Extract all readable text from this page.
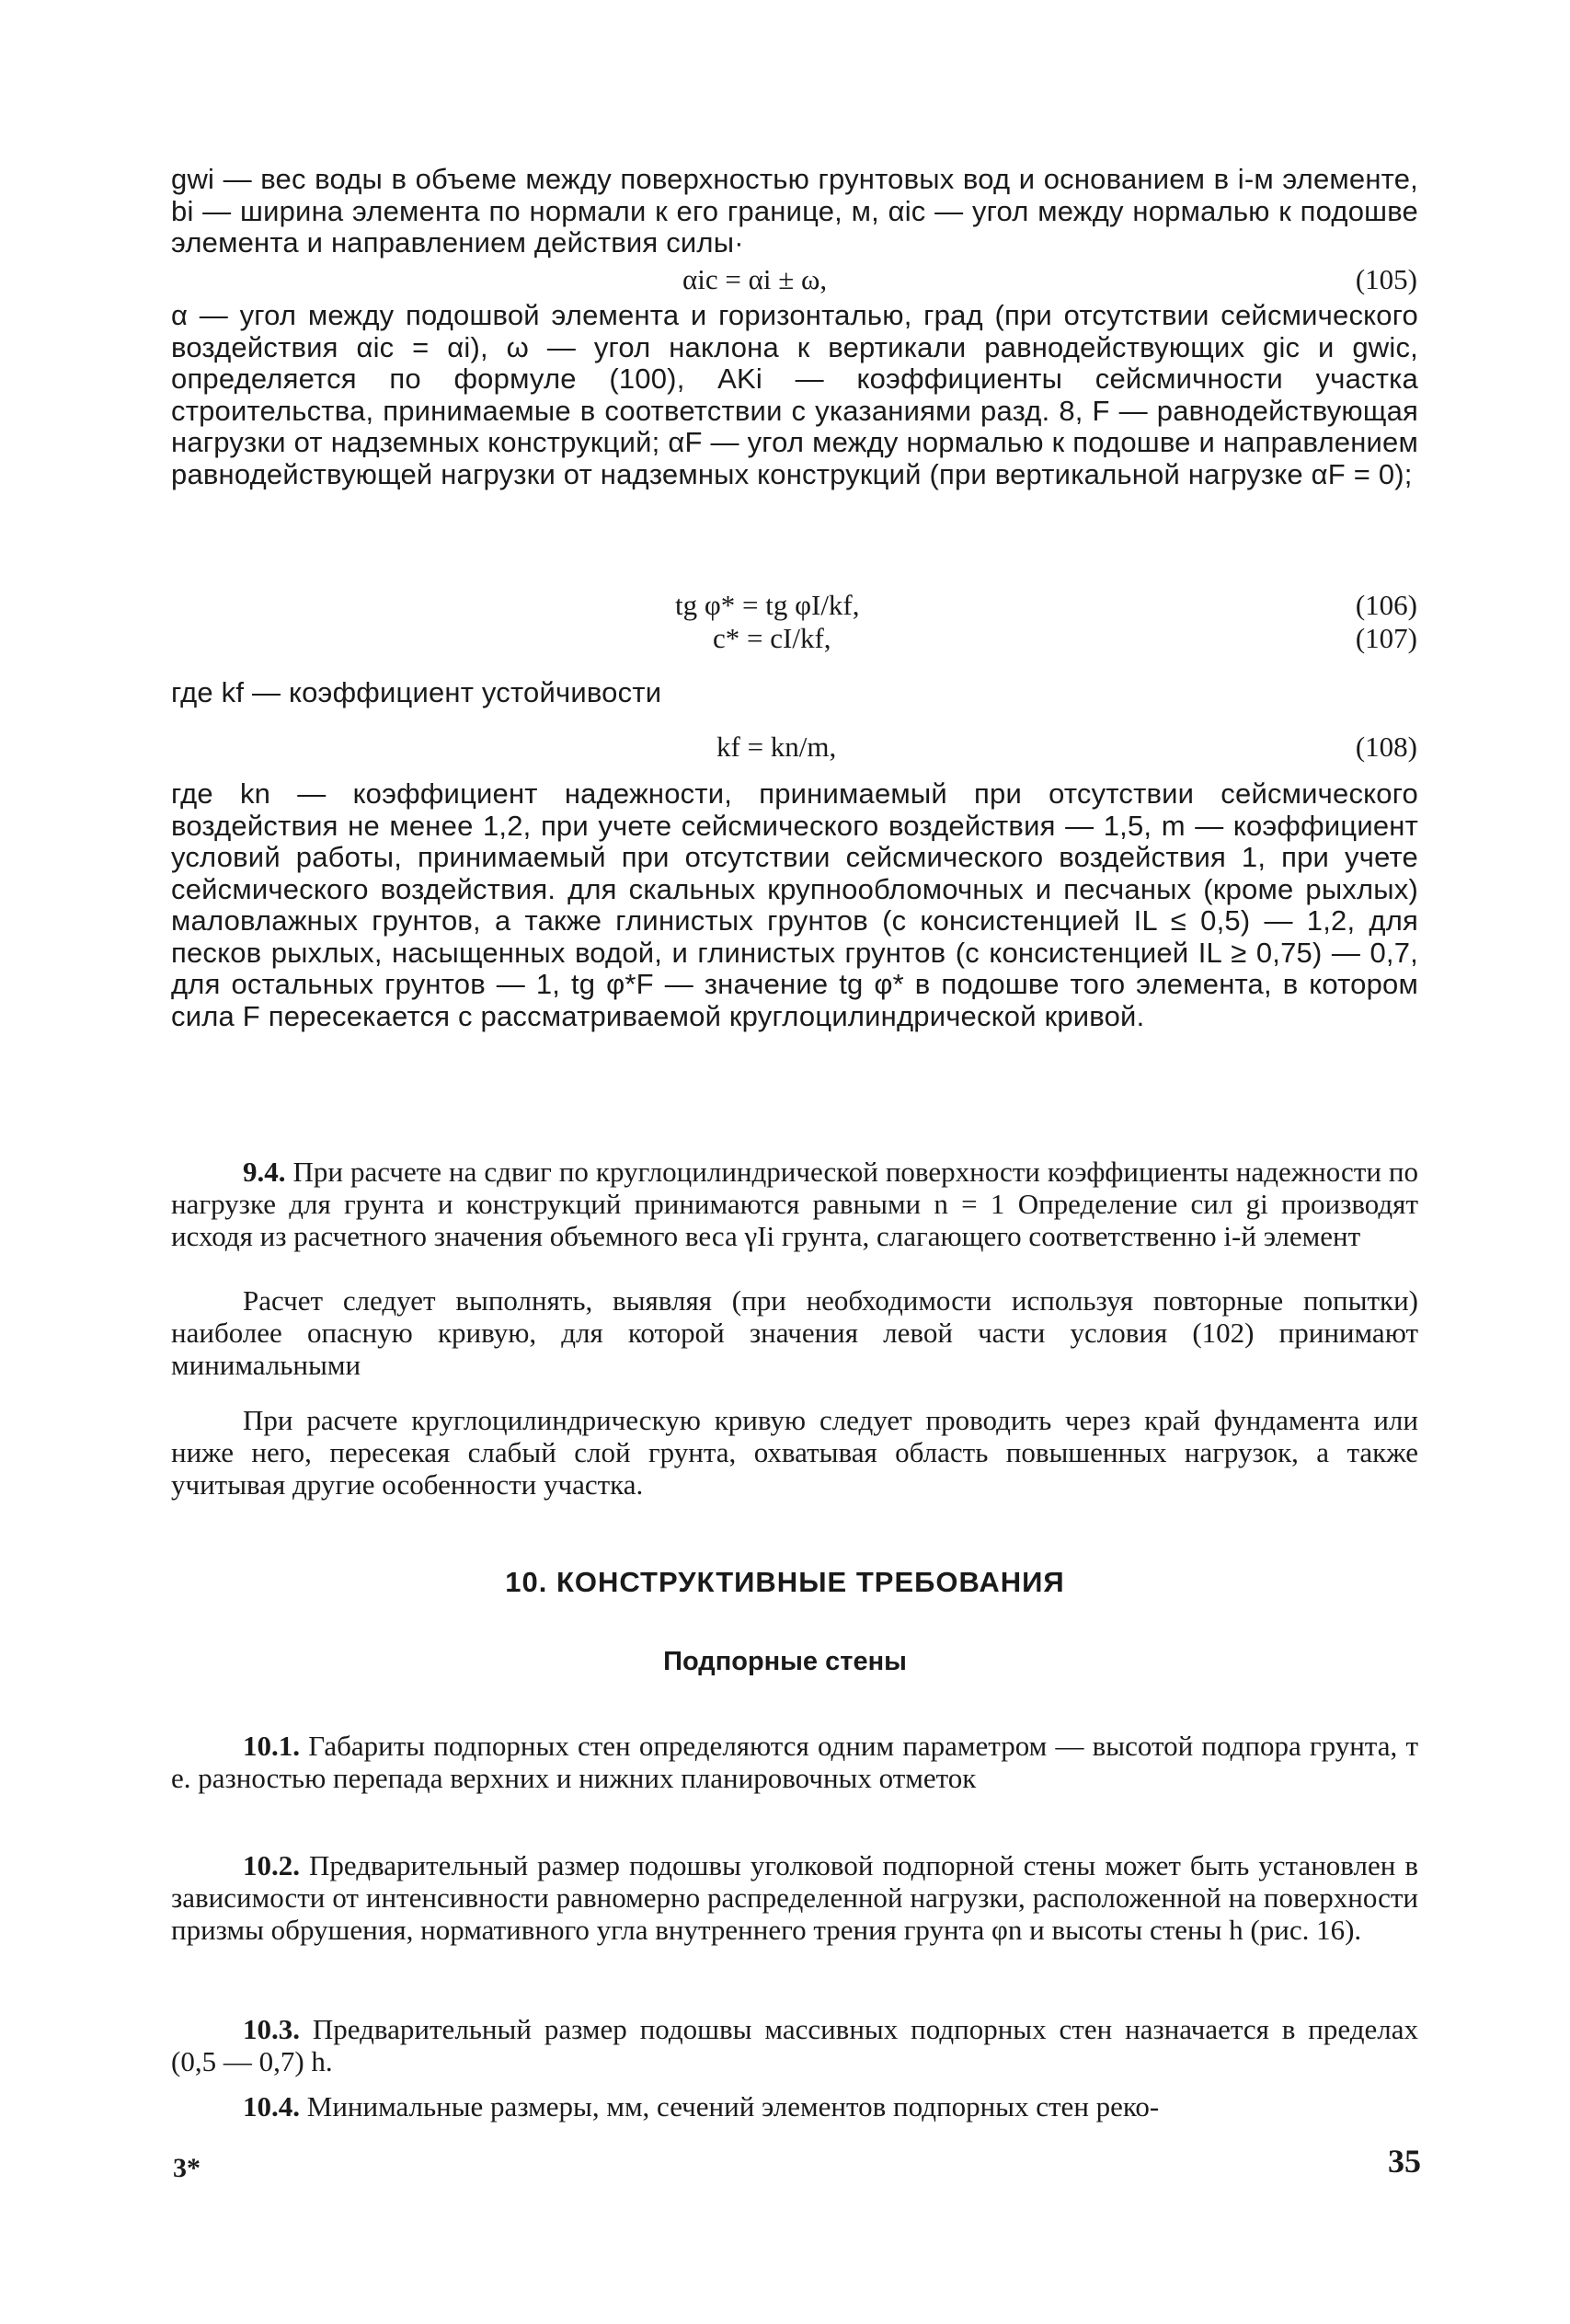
gwi — вес воды в объеме между поверхностью грунтовых вод и основанием в i-м элементе, bi — ширина элемента по нормали к его границе, м, αic — угол между нормалью к подошве элемента и направлением действия силы·

αic = αi ± ω,	(105)

α — угол между подошвой элемента и горизонталью, град (при отсутствии сейсмического воздействия αic = αi), ω — угол наклона к вертикали равнодействующих gic и gwic, определяется по формуле (100), AKi — коэффициенты сейсмичности участка строительства, принимаемые в соответствии с указаниями разд. 8, F — равнодействующая нагрузки от надземных конструкций; αF — угол между нормалью к подошве и направлением равнодействующей нагрузки от надземных конструкций (при вертикальной нагрузке αF = 0);

tg φ* = tg φI/kf,	(106)
c* = cI/kf,	(107)

где kf — коэффициент устойчивости

kf = kn/m,	(108)

где kn — коэффициент надежности, принимаемый при отсутствии сейсмического воздействия не менее 1,2, при учете сейсмического воздействия — 1,5, m — коэффициент условий работы, принимаемый при отсутствии сейсмического воздействия 1, при учете сейсмического воздействия. для скальных крупнообломочных и песчаных (кроме рыхлых) маловлажных грунтов, а также глинистых грунтов (с консистенцией IL ≤ 0,5) — 1,2, для песков рыхлых, насыщенных водой, и глинистых грунтов (с консистенцией IL ≥ 0,75) — 0,7, для остальных грунтов — 1, tg φ*F — значение tg φ* в подошве того элемента, в котором сила F пересекается с рассматриваемой круглоцилиндрической кривой.

9.4. При расчете на сдвиг по круглоцилиндрической поверхности коэффициенты надежности по нагрузке для грунта и конструкций принимаются равными n = 1 Определение сил gi производят исходя из расчетного значения объемного веса γIi грунта, слагающего соответственно i-й элемент

Расчет следует выполнять, выявляя (при необходимости используя повторные попытки) наиболее опасную кривую, для которой значения левой части условия (102) принимают минимальными

При расчете круглоцилиндрическую кривую следует проводить через край фундамента или ниже него, пересекая слабый слой грунта, охватывая область повышенных нагрузок, а также учитывая другие особенности участка.

10. КОНСТРУКТИВНЫЕ ТРЕБОВАНИЯ
Подпорные стены

10.1. Габариты подпорных стен определяются одним параметром — высотой подпора грунта, т е. разностью перепада верхних и нижних планировочных отметок

10.2. Предварительный размер подошвы уголковой подпорной стены может быть установлен в зависимости от интенсивности равномерно распределенной нагрузки, расположенной на поверхности призмы обрушения, нормативного угла внутреннего трения грунта φn и высоты стены h (рис. 16).

10.3. Предварительный размер подошвы массивных подпорных стен назначается в пределах (0,5 — 0,7) h.

10.4. Минимальные размеры, мм, сечений элементов подпорных стен реко-

3*	35
